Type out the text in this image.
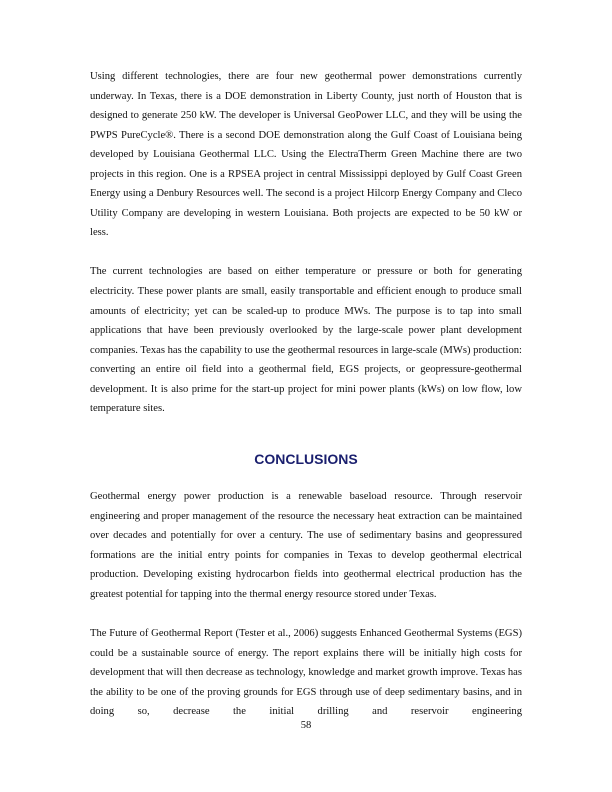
Using different technologies, there are four new geothermal power demonstrations currently underway. In Texas, there is a DOE demonstration in Liberty County, just north of Houston that is designed to generate 250 kW. The developer is Universal GeoPower LLC, and they will be using the PWPS PureCycle®. There is a second DOE demonstration along the Gulf Coast of Louisiana being developed by Louisiana Geothermal LLC. Using the ElectraTherm Green Machine there are two projects in this region. One is a RPSEA project in central Mississippi deployed by Gulf Coast Green Energy using a Denbury Resources well. The second is a project Hilcorp Energy Company and Cleco Utility Company are developing in western Louisiana. Both projects are expected to be 50 kW or less.

The current technologies are based on either temperature or pressure or both for generating electricity. These power plants are small, easily transportable and efficient enough to produce small amounts of electricity; yet can be scaled-up to produce MWs. The purpose is to tap into small applications that have been previously overlooked by the large-scale power plant development companies. Texas has the capability to use the geothermal resources in large-scale (MWs) production: converting an entire oil field into a geothermal field, EGS projects, or geopressure-geothermal development. It is also prime for the start-up project for mini power plants (kWs) on low flow, low temperature sites.

CONCLUSIONS

Geothermal energy power production is a renewable baseload resource. Through reservoir engineering and proper management of the resource the necessary heat extraction can be maintained over decades and potentially for over a century. The use of sedimentary basins and geopressured formations are the initial entry points for companies in Texas to develop geothermal electrical production. Developing existing hydrocarbon fields into geothermal electrical production has the greatest potential for tapping into the thermal energy resource stored under Texas.

The Future of Geothermal Report (Tester et al., 2006) suggests Enhanced Geothermal Systems (EGS) could be a sustainable source of energy. The report explains there will be initially high costs for development that will then decrease as technology, knowledge and market growth improve. Texas has the ability to be one of the proving grounds for EGS through use of deep sedimentary basins, and in doing so, decrease the initial drilling and reservoir engineering

58
